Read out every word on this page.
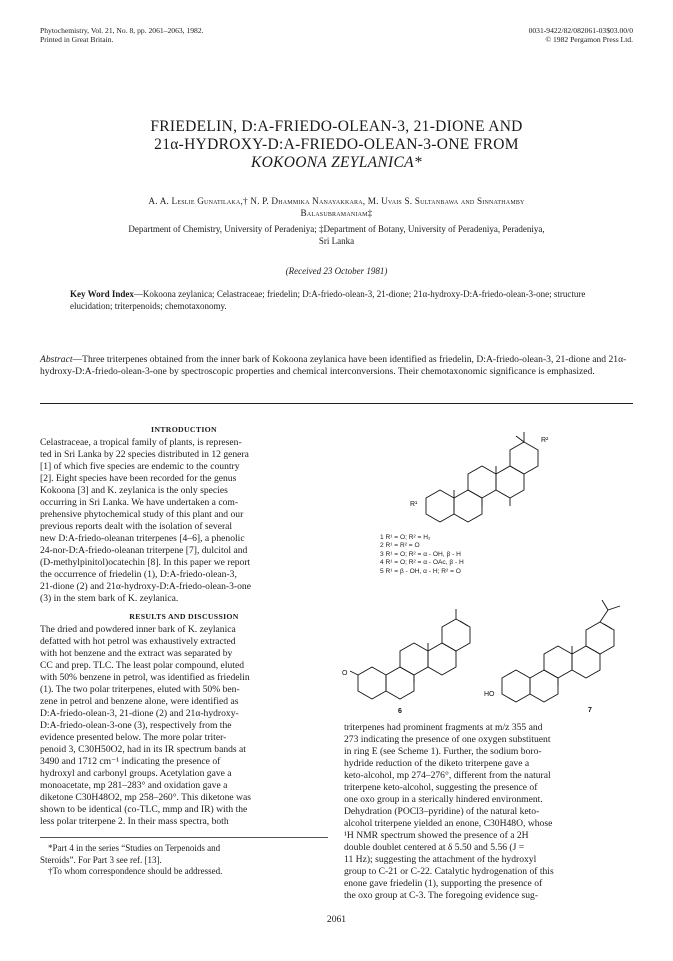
Phytochemistry, Vol. 21, No. 8, pp. 2061–2063, 1982.
Printed in Great Britain.
0031-9422/82/082061-03$03.00/0
© 1982 Pergamon Press Ltd.
FRIEDELIN, D:A-FRIEDO-OLEAN-3, 21-DIONE AND
21α-HYDROXY-D:A-FRIEDO-OLEAN-3-ONE FROM
KOKOONA ZEYLANICA*
A. A. Leslie Gunatilaka,† N. P. Dhammika Nanayakkara, M. Uvais S. Sultanbawa and Sinnathamby
Balasubramaniam‡
Department of Chemistry, University of Peradeniya; ‡Department of Botany, University of Peradeniya, Peradeniya,
Sri Lanka
(Received 23 October 1981)
Key Word Index—Kokoona zeylanica; Celastraceae; friedelin; D:A-friedo-olean-3, 21-dione; 21α-hydroxy-D:A-friedo-olean-3-one; structure elucidation; triterpenoids; chemotaxonomy.
Abstract—Three triterpenes obtained from the inner bark of Kokoona zeylanica have been identified as friedelin, D:A-friedo-olean-3, 21-dione and 21α-hydroxy-D:A-friedo-olean-3-one by spectroscopic properties and chemical interconversions. Their chemotaxonomic significance is emphasized.
INTRODUCTION
Celastraceae, a tropical family of plants, is represen-
ted in Sri Lanka by 22 species distributed in 12 genera
[1] of which five species are endemic to the country
[2]. Eight species have been recorded for the genus
Kokoona [3] and K. zeylanica is the only species
occurring in Sri Lanka. We have undertaken a com-
prehensive phytochemical study of this plant and our
previous reports dealt with the isolation of several
new D:A-friedo-oleanan triterpenes [4–6], a phenolic
24-nor-D:A-friedo-oleanan triterpene [7], dulcitol and
(D-methylpinitol)ocatechin [8]. In this paper we report
the occurrence of friedelin (1), D:A-friedo-olean-3,
21-dione (2) and 21α-hydroxy-D:A-friedo-olean-3-one
(3) in the stem bark of K. zeylanica.
RESULTS AND DISCUSSION
The dried and powdered inner bark of K. zeylanica
defatted with hot petrol was exhaustively extracted
with hot benzene and the extract was separated by
CC and prep. TLC. The least polar compound, eluted
with 50% benzene in petrol, was identified as friedelin
(1). The two polar triterpenes, eluted with 50% ben-
zene in petrol and benzene alone, were identified as
D:A-friedo-olean-3, 21-dione (2) and 21α-hydroxy-
D:A-friedo-olean-3-one (3), respectively from the
evidence presented below. The more polar triter-
penoid 3, C30H50O2, had in its IR spectrum bands at
3490 and 1712 cm⁻¹ indicating the presence of
hydroxyl and carbonyl groups. Acetylation gave a
monoacetate, mp 281–283° and oxidation gave a
diketone C30H48O2, mp 258–260°. This diketone was
shown to be identical (co-TLC, mmp and IR) with the
less polar triterpene 2. In their mass spectra, both
*Part 4 in the series “Studies on Terpenoids and
Steroids”. For Part 3 see ref. [13].
†To whom correspondence should be addressed.
R²
R¹
1 R¹ = O; R² = H₂
2 R¹ = R² = O
3 R¹ = O; R² = α - OH, β - H
4 R¹ = O; R² = α - OAc, β - H
5 R¹ = β - OH, α - H; R² = O
O
6
HO
7
triterpenes had prominent fragments at m/z 355 and
273 indicating the presence of one oxygen substituent
in ring E (see Scheme 1). Further, the sodium boro-
hydride reduction of the diketo triterpene gave a
keto-alcohol, mp 274–276°, different from the natural
triterpene keto-alcohol, suggesting the presence of
one oxo group in a sterically hindered environment.
Dehydration (POCl3–pyridine) of the natural keto-
alcohol triterpene yielded an enone, C30H48O, whose
¹H NMR spectrum showed the presence of a 2H
double doublet centered at δ 5.50 and 5.56 (J =
11 Hz); suggesting the attachment of the hydroxyl
group to C-21 or C-22. Catalytic hydrogenation of this
enone gave friedelin (1), supporting the presence of
the oxo group at C-3. The foregoing evidence sug-
2061
